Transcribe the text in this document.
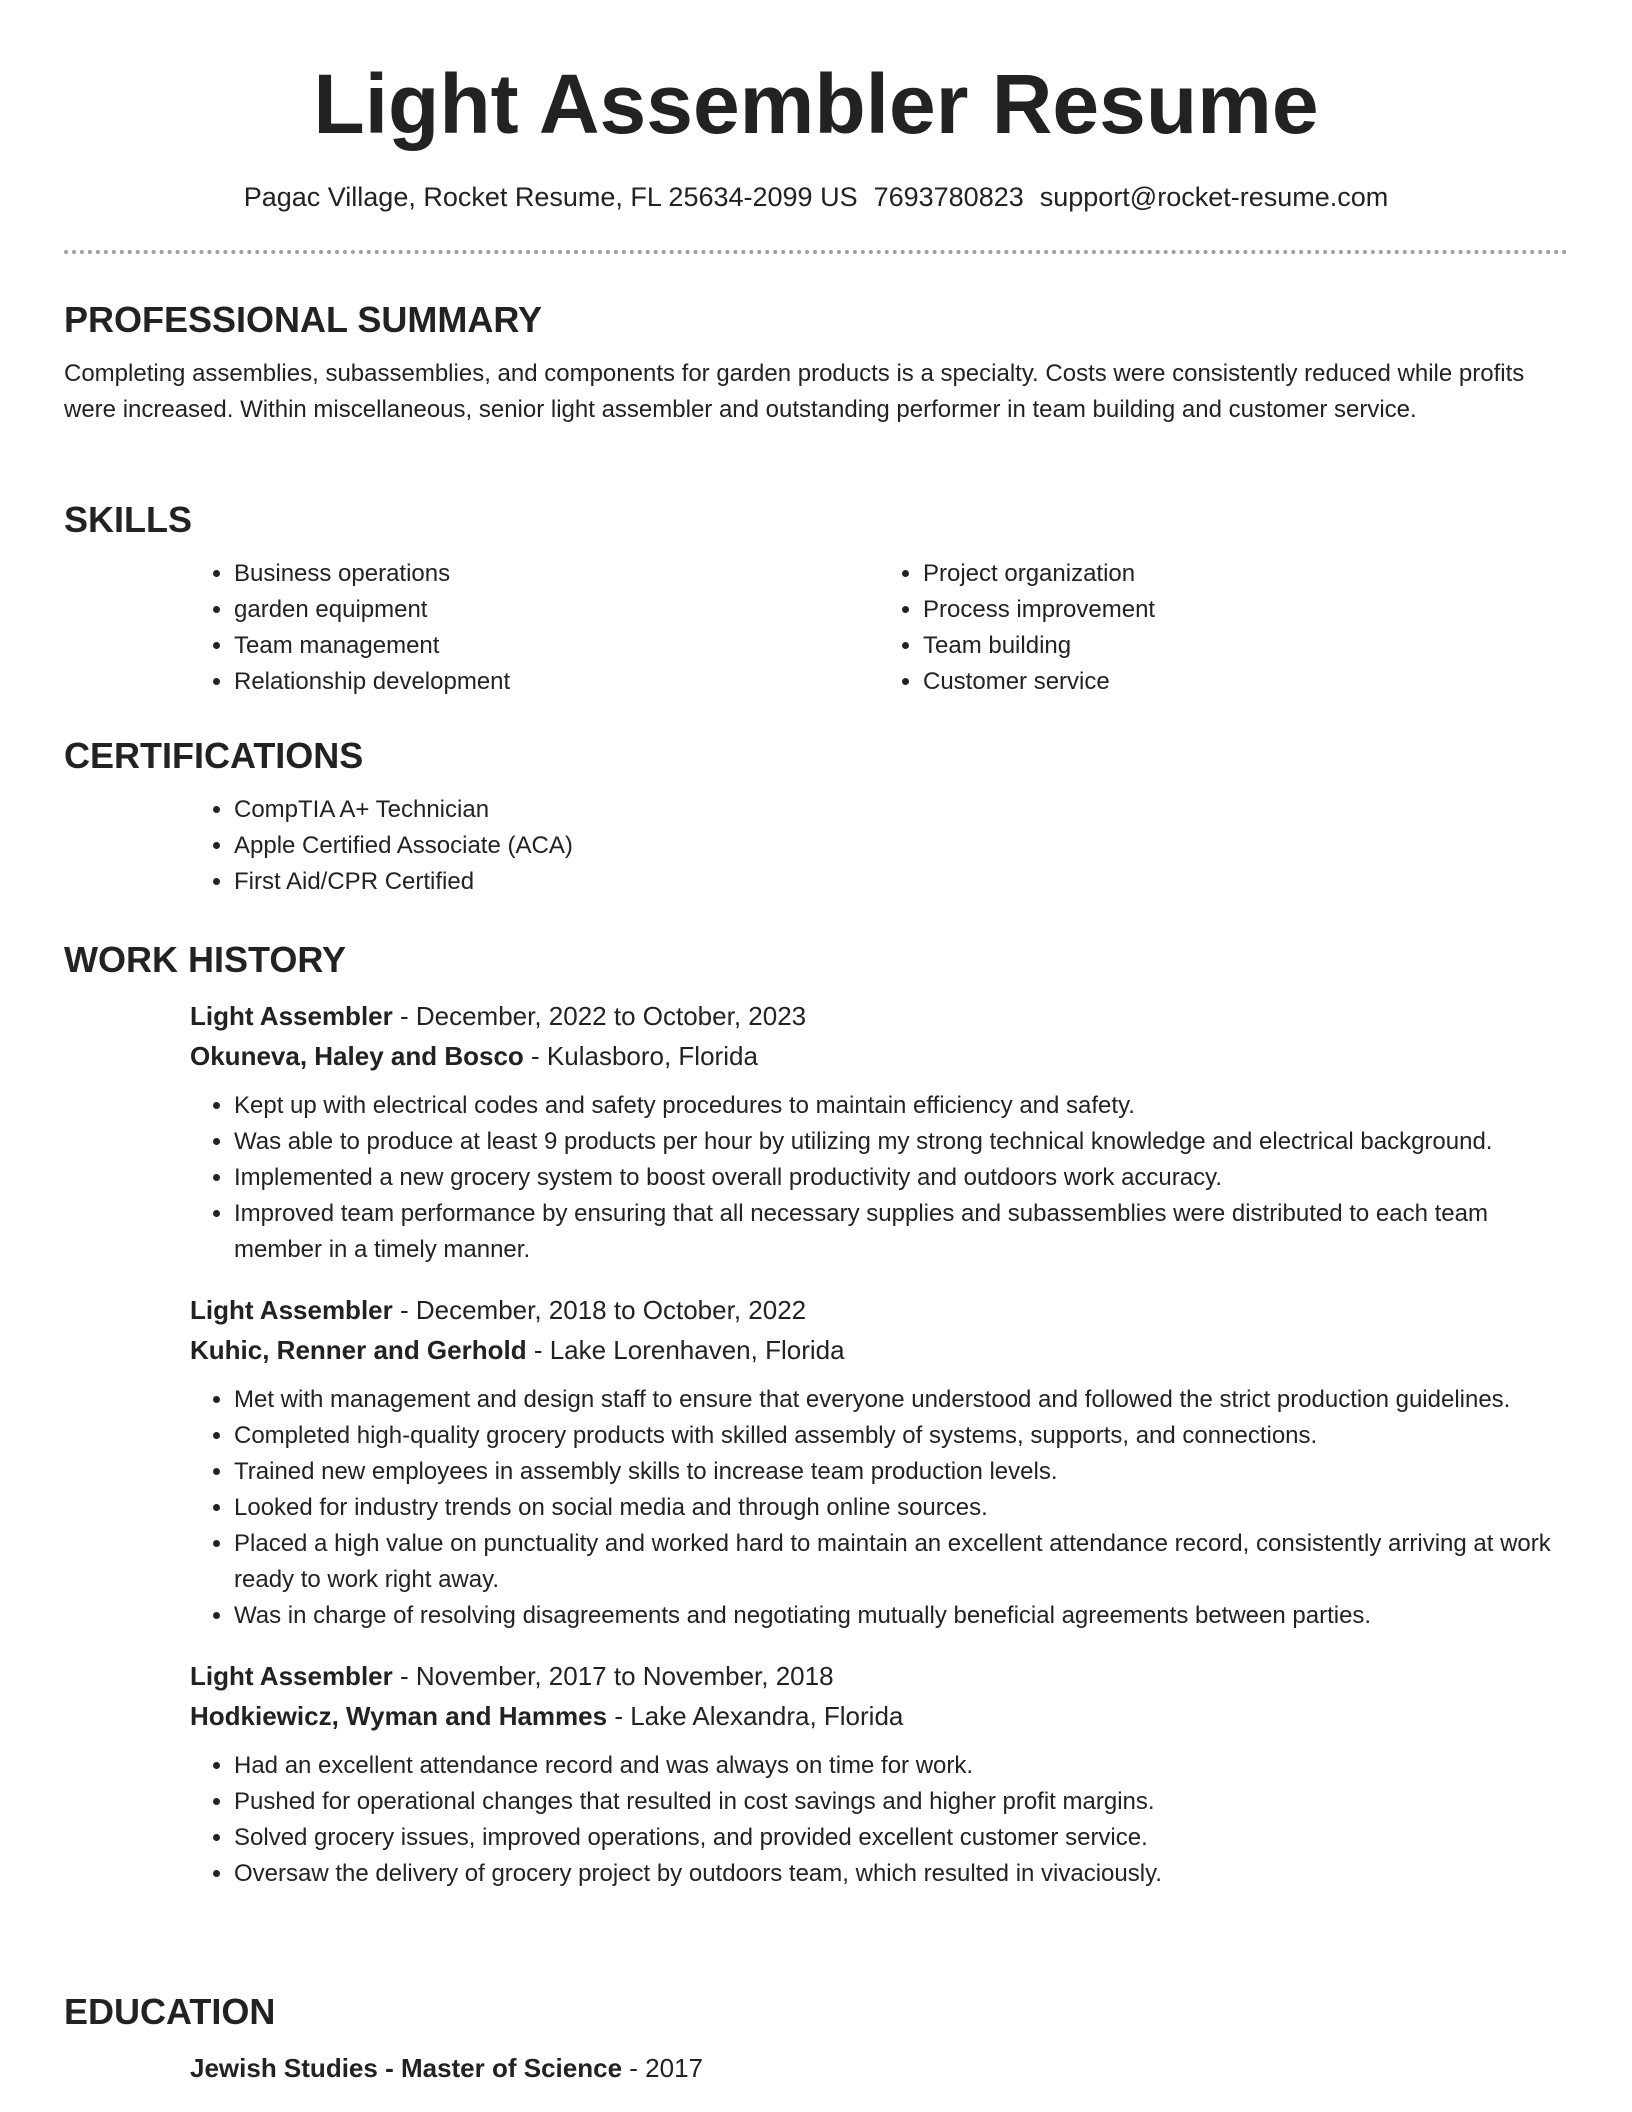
Light Assembler Resume
Pagac Village, Rocket Resume, FL 25634-2099 US 7693780823 support@rocket-resume.com
PROFESSIONAL SUMMARY

Completing assemblies, subassemblies, and components for garden products is a specialty. Costs were consistently reduced while profits were increased. Within miscellaneous, senior light assembler and outstanding performer in team building and customer service.

SKILLS
• Business operations
• garden equipment
• Team management
• Relationship development
• Project organization
• Process improvement
• Team building
• Customer service
CERTIFICATIONS
• CompTIA A+ Technician
• Apple Certified Associate (ACA)
• First Aid/CPR Certified
WORK HISTORY
Light Assembler - December, 2022 to October, 2023
Okuneva, Haley and Bosco - Kulasboro, Florida
• Kept up with electrical codes and safety procedures to maintain efficiency and safety.
• Was able to produce at least 9 products per hour by utilizing my strong technical knowledge and electrical background.
• Implemented a new grocery system to boost overall productivity and outdoors work accuracy.
• Improved team performance by ensuring that all necessary supplies and subassemblies were distributed to each team member in a timely manner.
Light Assembler - December, 2018 to October, 2022
Kuhic, Renner and Gerhold - Lake Lorenhaven, Florida
• Met with management and design staff to ensure that everyone understood and followed the strict production guidelines.
• Completed high-quality grocery products with skilled assembly of systems, supports, and connections.
• Trained new employees in assembly skills to increase team production levels.
• Looked for industry trends on social media and through online sources.
• Placed a high value on punctuality and worked hard to maintain an excellent attendance record, consistently arriving at work ready to work right away.
• Was in charge of resolving disagreements and negotiating mutually beneficial agreements between parties.
Light Assembler - November, 2017 to November, 2018
Hodkiewicz, Wyman and Hammes - Lake Alexandra, Florida
• Had an excellent attendance record and was always on time for work.
• Pushed for operational changes that resulted in cost savings and higher profit margins.
• Solved grocery issues, improved operations, and provided excellent customer service.
• Oversaw the delivery of grocery project by outdoors team, which resulted in vivaciously.
EDUCATION
Jewish Studies - Master of Science - 2017
